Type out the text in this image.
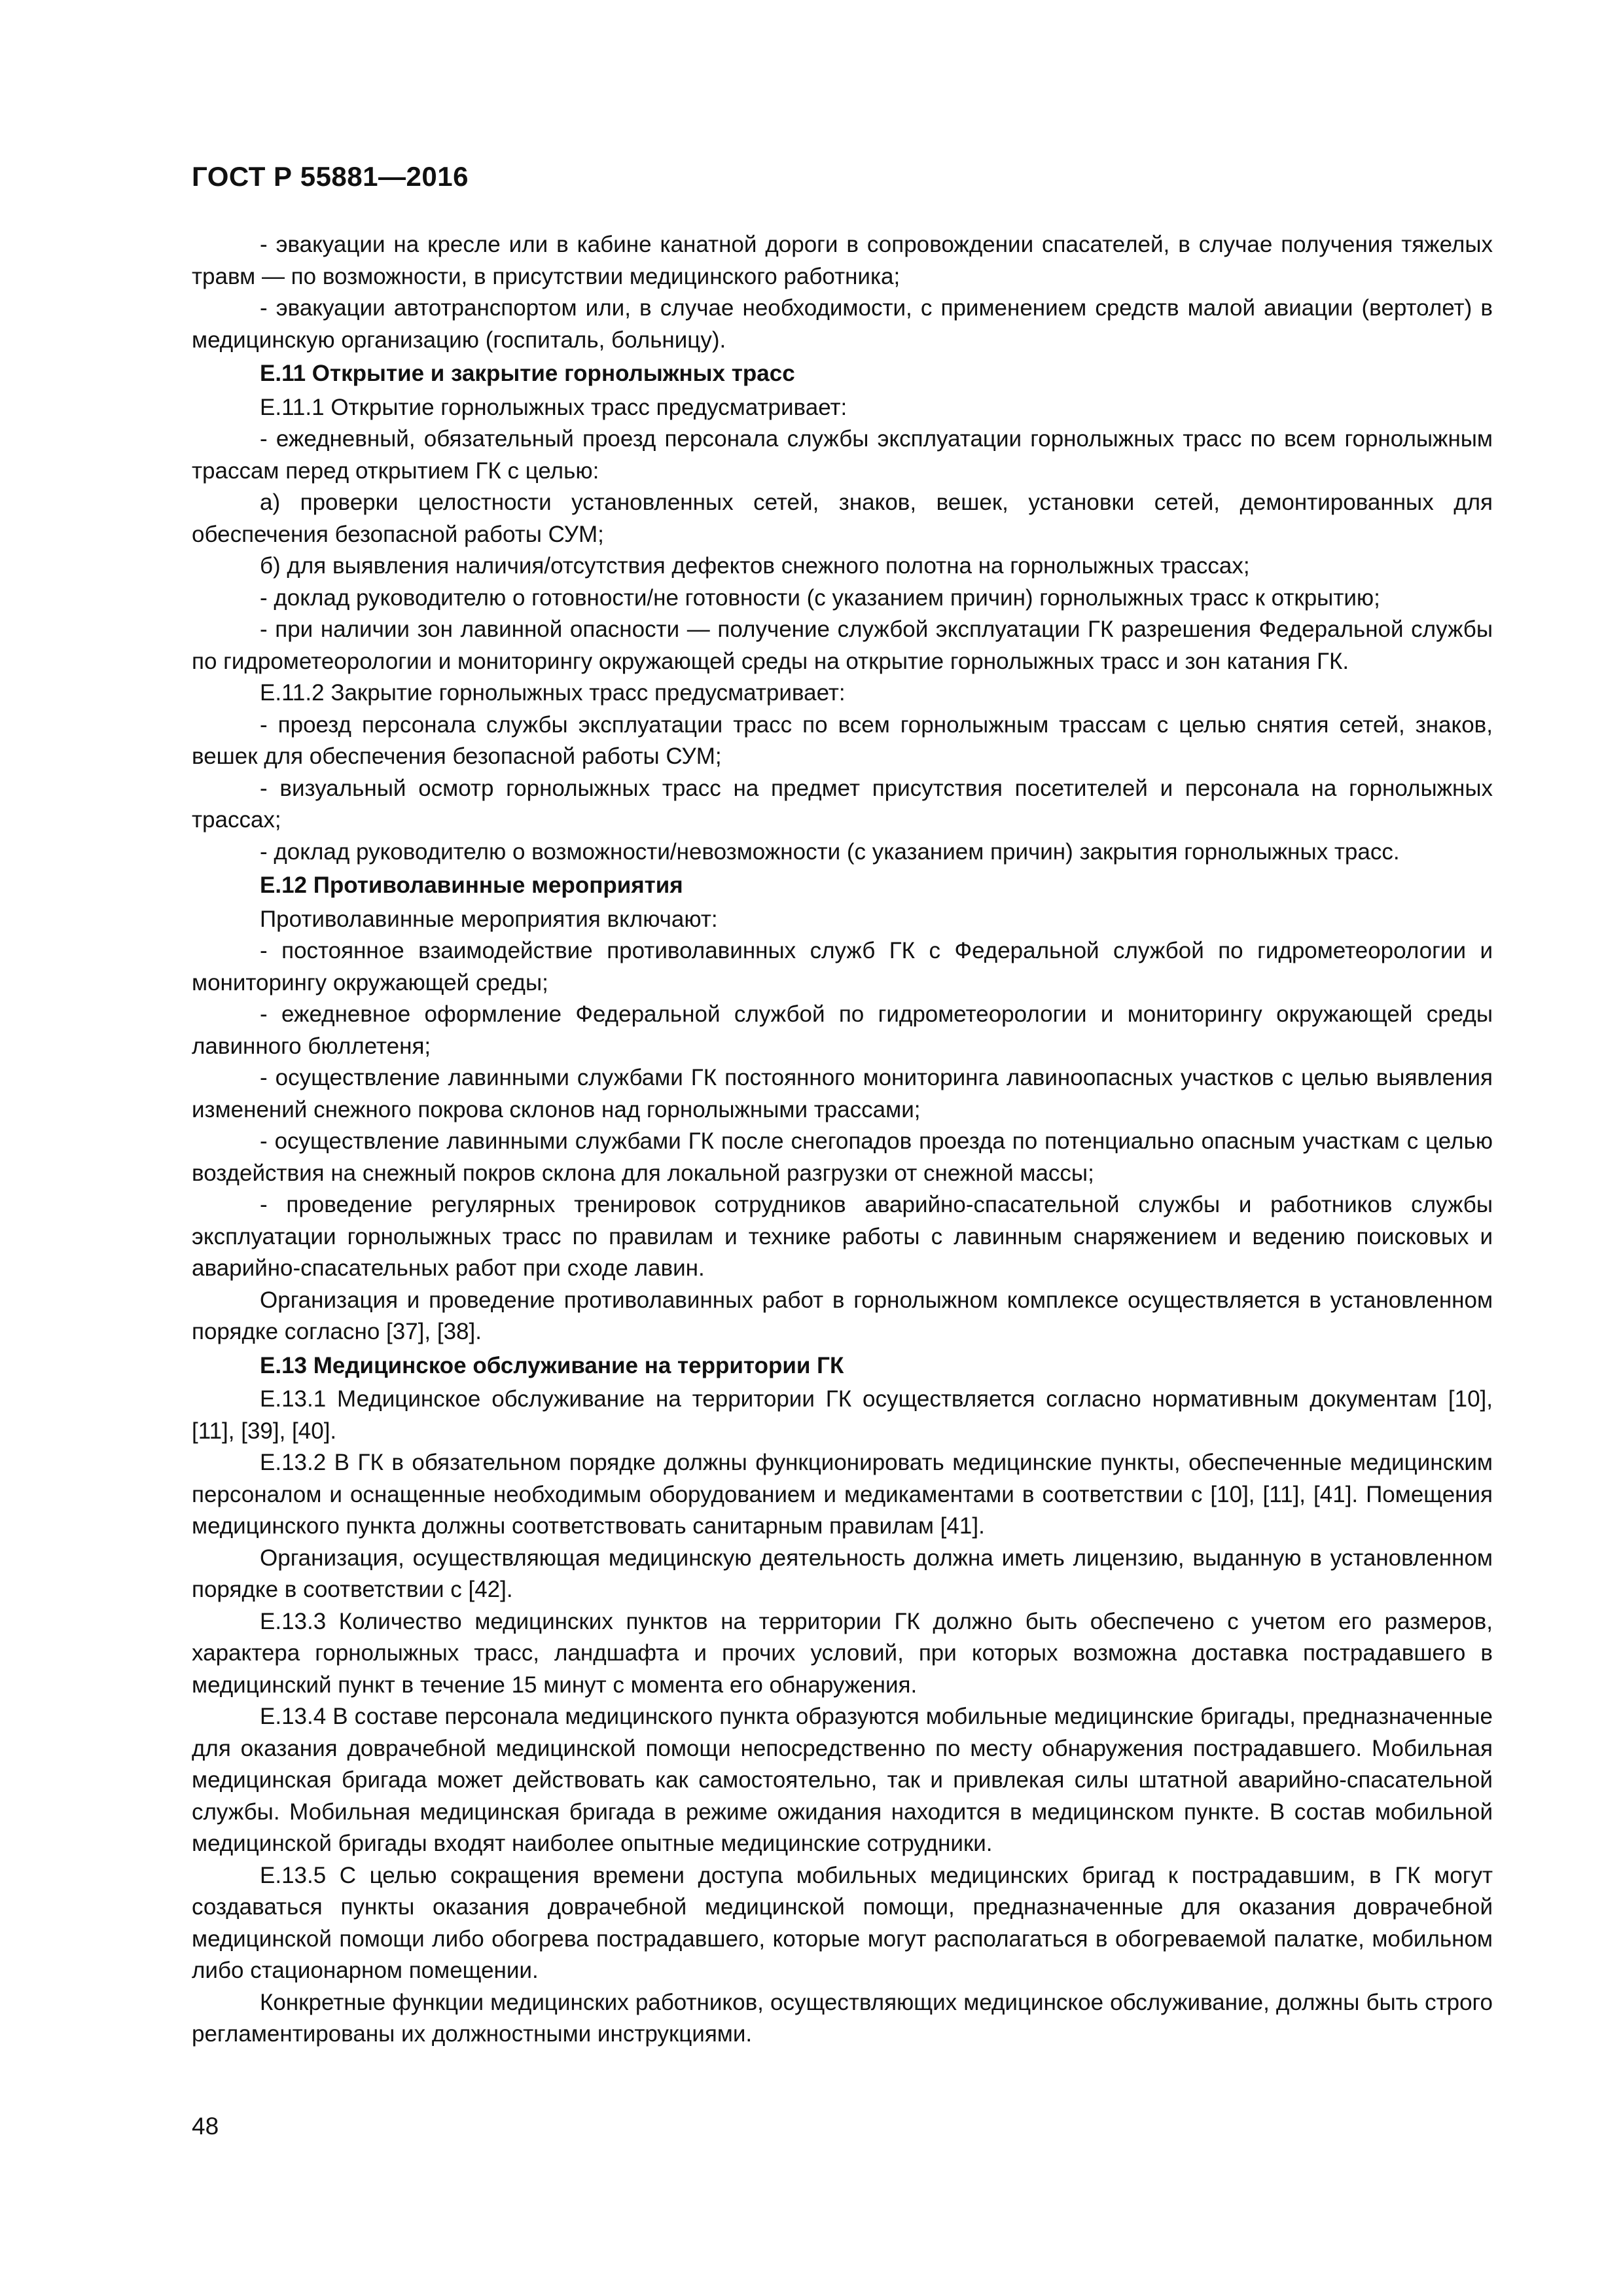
ГОСТ Р 55881—2016

- эвакуации на кресле или в кабине канатной дороги в сопровождении спасателей, в случае получения тяжелых травм — по возможности, в присутствии медицинского работника;

- эвакуации автотранспортом или, в случае необходимости, с применением средств малой авиации (вертолет) в медицинскую организацию (госпиталь, больницу).

Е.11 Открытие и закрытие горнолыжных трасс

Е.11.1 Открытие горнолыжных трасс предусматривает:

- ежедневный, обязательный проезд персонала службы эксплуатации горнолыжных трасс по всем горнолыжным трассам перед открытием ГК с целью:

а) проверки целостности установленных сетей, знаков, вешек, установки сетей, демонтированных для обеспечения безопасной работы СУМ;

б) для выявления наличия/отсутствия дефектов снежного полотна на горнолыжных трассах;

- доклад руководителю о готовности/не готовности (с указанием причин) горнолыжных трасс к открытию;

- при наличии зон лавинной опасности — получение службой эксплуатации ГК разрешения Федеральной службы по гидрометеорологии и мониторингу окружающей среды на открытие горнолыжных трасс и зон катания ГК.

Е.11.2 Закрытие горнолыжных трасс предусматривает:

- проезд персонала службы эксплуатации трасс по всем горнолыжным трассам с целью снятия сетей, знаков, вешек для обеспечения безопасной работы СУМ;

- визуальный осмотр горнолыжных трасс на предмет присутствия посетителей и персонала на горнолыжных трассах;

- доклад руководителю о возможности/невозможности (с указанием причин) закрытия горнолыжных трасс.

Е.12 Противолавинные мероприятия

Противолавинные мероприятия включают:

- постоянное взаимодействие противолавинных служб ГК с Федеральной службой по гидрометеорологии и мониторингу окружающей среды;

- ежедневное оформление Федеральной службой по гидрометеорологии и мониторингу окружающей среды лавинного бюллетеня;

- осуществление лавинными службами ГК постоянного мониторинга лавиноопасных участков с целью выявления изменений снежного покрова склонов над горнолыжными трассами;

- осуществление лавинными службами ГК после снегопадов проезда по потенциально опасным участкам с целью воздействия на снежный покров склона для локальной разгрузки от снежной массы;

- проведение регулярных тренировок сотрудников аварийно-спасательной службы и работников службы эксплуатации горнолыжных трасс по правилам и технике работы с лавинным снаряжением и ведению поисковых и аварийно-спасательных работ при сходе лавин.

Организация и проведение противолавинных работ в горнолыжном комплексе осуществляется в установленном порядке согласно [37], [38].

Е.13 Медицинское обслуживание на территории ГК

Е.13.1 Медицинское обслуживание на территории ГК осуществляется согласно нормативным документам [10], [11], [39], [40].

Е.13.2 В ГК в обязательном порядке должны функционировать медицинские пункты, обеспеченные медицинским персоналом и оснащенные необходимым оборудованием и медикаментами в соответствии с [10], [11], [41]. Помещения медицинского пункта должны соответствовать санитарным правилам [41].

Организация, осуществляющая медицинскую деятельность должна иметь лицензию, выданную в установленном порядке в соответствии с [42].

Е.13.3 Количество медицинских пунктов на территории ГК должно быть обеспечено с учетом его размеров, характера горнолыжных трасс, ландшафта и прочих условий, при которых возможна доставка пострадавшего в медицинский пункт в течение 15 минут с момента его обнаружения.

Е.13.4 В составе персонала медицинского пункта образуются мобильные медицинские бригады, предназначенные для оказания доврачебной медицинской помощи непосредственно по месту обнаружения пострадавшего. Мобильная медицинская бригада может действовать как самостоятельно, так и привлекая силы штатной аварийно-спасательной службы. Мобильная медицинская бригада в режиме ожидания находится в медицинском пункте. В состав мобильной медицинской бригады входят наиболее опытные медицинские сотрудники.

Е.13.5 С целью сокращения времени доступа мобильных медицинских бригад к пострадавшим, в ГК могут создаваться пункты оказания доврачебной медицинской помощи, предназначенные для оказания доврачебной медицинской помощи либо обогрева пострадавшего, которые могут располагаться в обогреваемой палатке, мобильном либо стационарном помещении.

Конкретные функции медицинских работников, осуществляющих медицинское обслуживание, должны быть строго регламентированы их должностными инструкциями.

48
